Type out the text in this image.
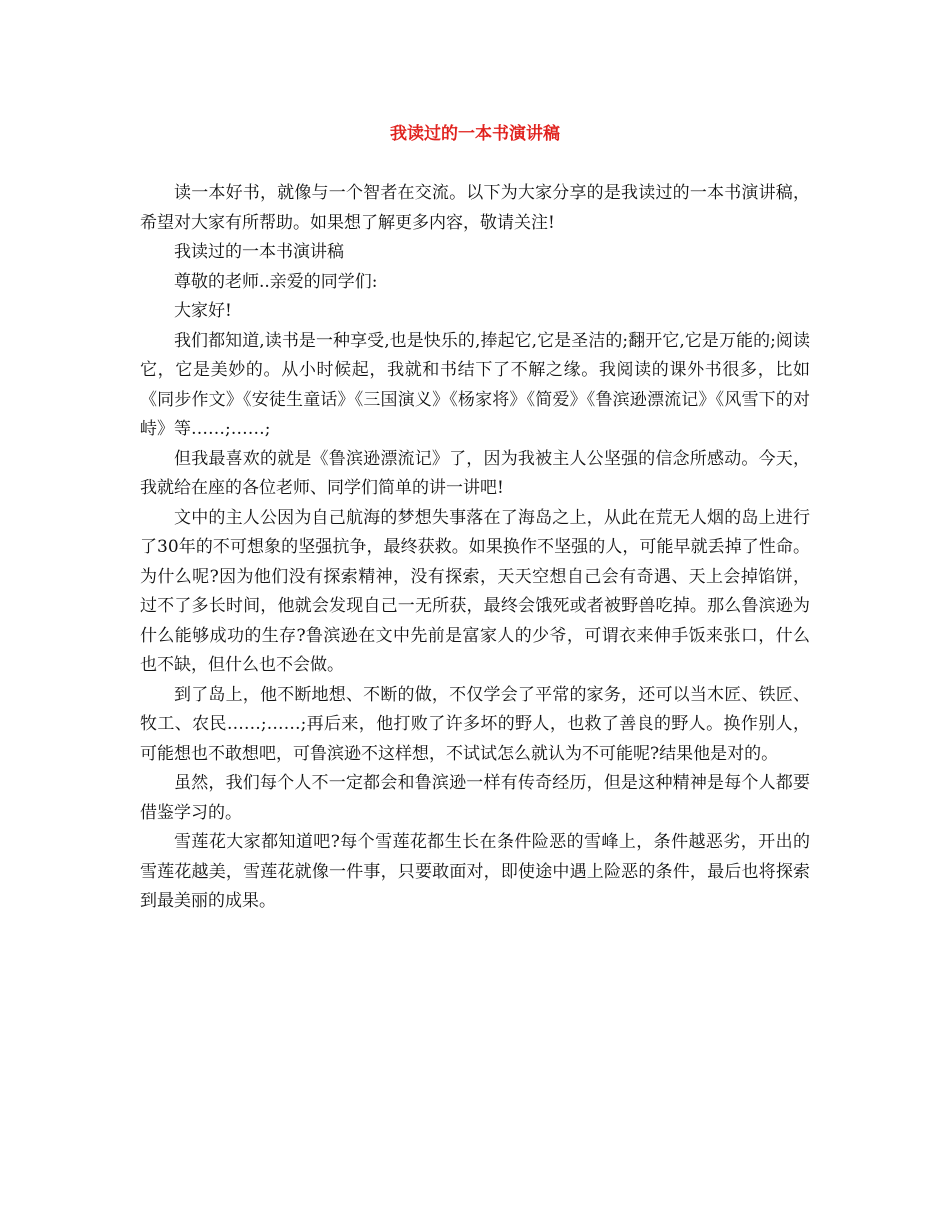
我读过的一本书演讲稿

读一本好书，就像与一个智者在交流。以下为大家分享的是我读过的一本书演讲稿，希望对大家有所帮助。如果想了解更多内容，敬请关注!

我读过的一本书演讲稿

尊敬的老师..亲爱的同学们:

大家好!

我们都知道,读书是一种享受,也是快乐的,捧起它,它是圣洁的;翻开它,它是万能的;阅读它，它是美妙的。从小时候起，我就和书结下了不解之缘。我阅读的课外书很多，比如《同步作文》《安徒生童话》《三国演义》《杨家将》《简爱》《鲁滨逊漂流记》《风雪下的对峙》等……;……;

但我最喜欢的就是《鲁滨逊漂流记》了，因为我被主人公坚强的信念所感动。今天，我就给在座的各位老师、同学们简单的讲一讲吧!

文中的主人公因为自己航海的梦想失事落在了海岛之上，从此在荒无人烟的岛上进行了30年的不可想象的坚强抗争，最终获救。如果换作不坚强的人，可能早就丢掉了性命。为什么呢?因为他们没有探索精神，没有探索，天天空想自己会有奇遇、天上会掉馅饼，过不了多长时间，他就会发现自己一无所获，最终会饿死或者被野兽吃掉。那么鲁滨逊为什么能够成功的生存?鲁滨逊在文中先前是富家人的少爷，可谓衣来伸手饭来张口，什么也不缺，但什么也不会做。

到了岛上，他不断地想、不断的做，不仅学会了平常的家务，还可以当木匠、铁匠、牧工、农民……;……;再后来，他打败了许多坏的野人，也救了善良的野人。换作别人，可能想也不敢想吧，可鲁滨逊不这样想，不试试怎么就认为不可能呢?结果他是对的。

虽然，我们每个人不一定都会和鲁滨逊一样有传奇经历，但是这种精神是每个人都要借鉴学习的。

雪莲花大家都知道吧?每个雪莲花都生长在条件险恶的雪峰上，条件越恶劣，开出的雪莲花越美，雪莲花就像一件事，只要敢面对，即使途中遇上险恶的条件，最后也将探索到最美丽的成果。
